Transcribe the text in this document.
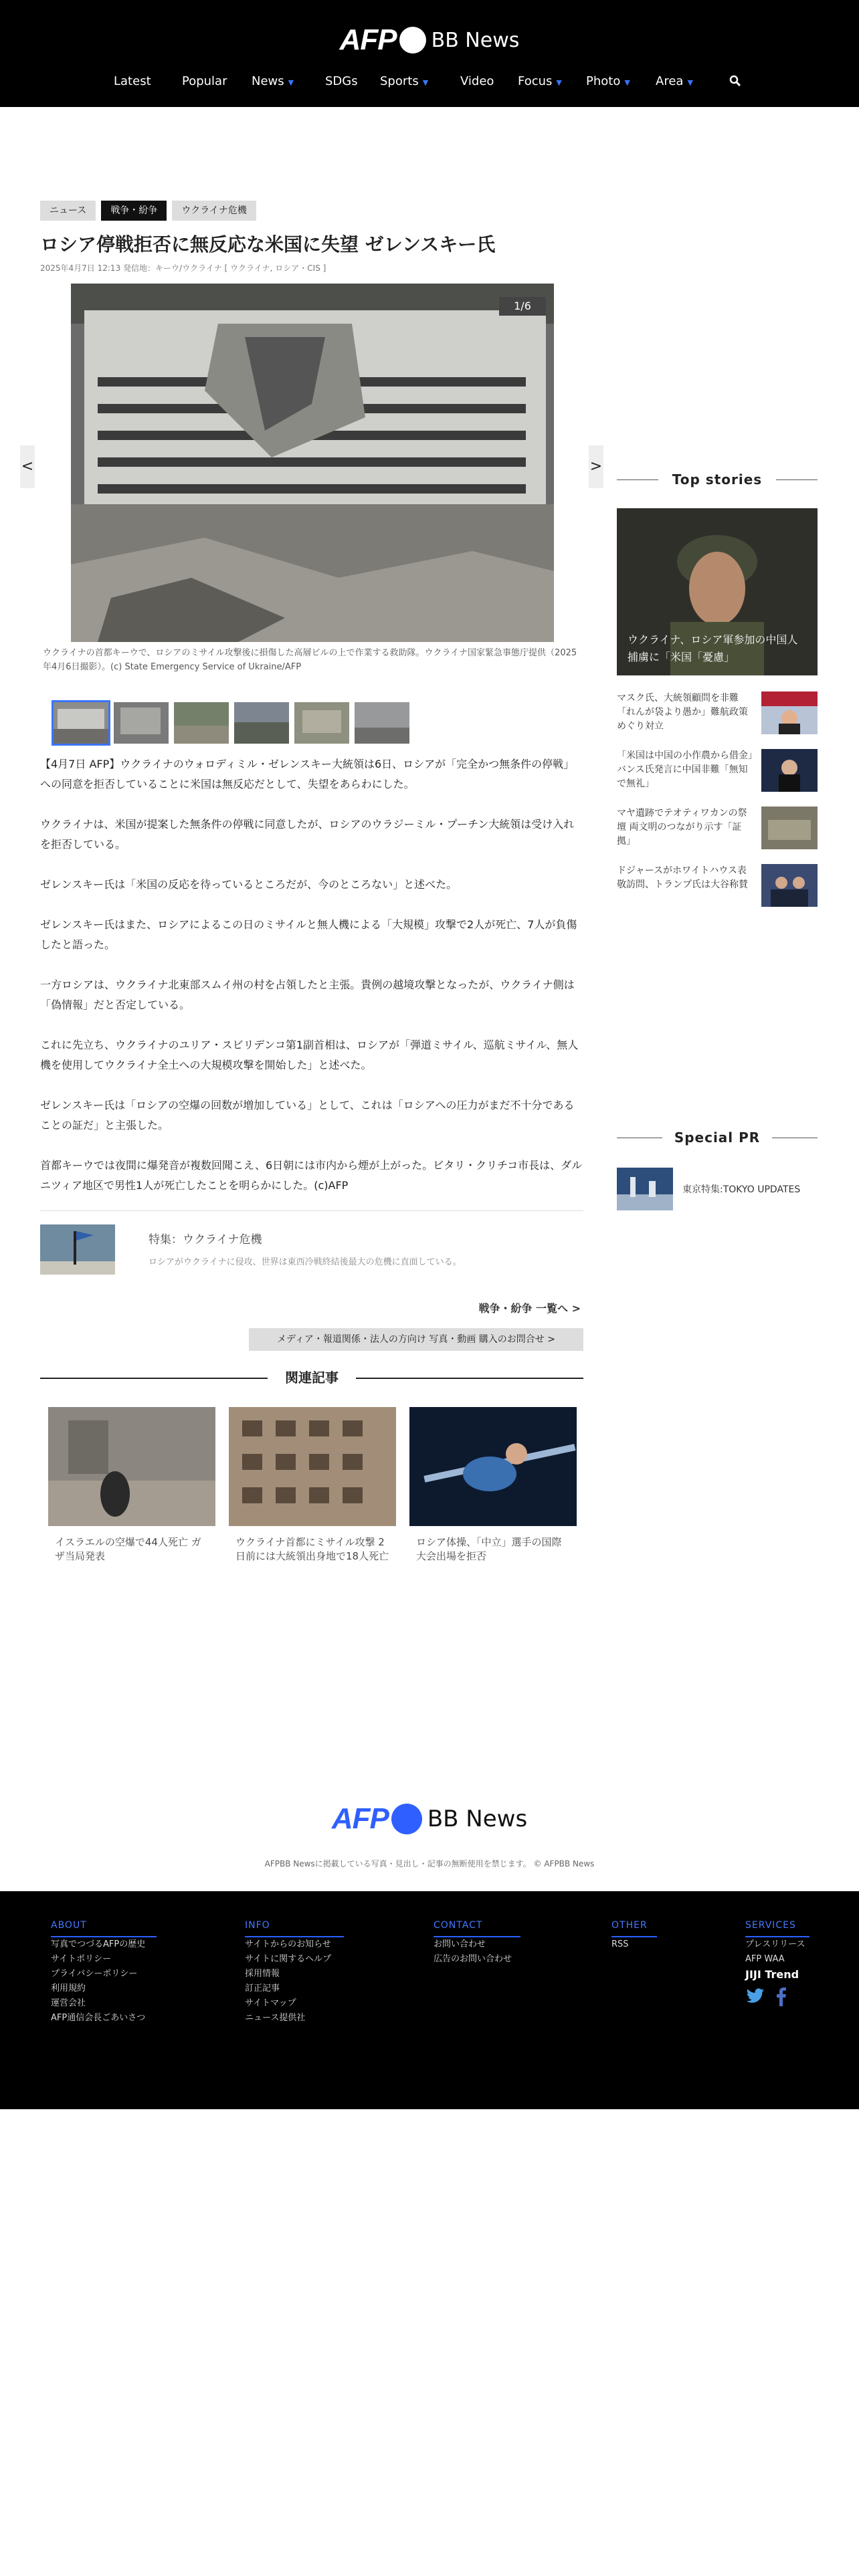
AFP BB News
Latest	Popular News ▼	SDGs Sports ▼	Video Focus ▼ Photo ▼ Area ▼
ニュース	戦争・紛争	ウクライナ危機
ロシア停戦拒否に無反応な米国に失望 ゼレンスキー氏
2025年4月7日 12:13 発信地：キーウ/ウクライナ [ ウクライナ, ロシア・CIS ]
1/6
<	>
ウクライナの首都キーウで、ロシアのミサイル攻撃後に損傷した高層ビルの上で作業する救助隊。ウクライナ国家緊急事態庁提供（2025年4月6日撮影）。(c) State Emergency Service of Ukraine/AFP

【4月7日 AFP】ウクライナのウォロディミル・ゼレンスキー大統領は6日、ロシアが「完全かつ無条件の停戦」への同意を拒否していることに米国は無反応だとして、失望をあらわにした。

ウクライナは、米国が提案した無条件の停戦に同意したが、ロシアのウラジーミル・プーチン大統領は受け入れを拒否している。

ゼレンスキー氏は「米国の反応を待っているところだが、今のところない」と述べた。

ゼレンスキー氏はまた、ロシアによるこの日のミサイルと無人機による「大規模」攻撃で2人が死亡、7人が負傷したと語った。

一方ロシアは、ウクライナ北東部スムイ州の村を占領したと主張。貴例の越境攻撃となったが、ウクライナ側は「偽情報」だと否定している。

これに先立ち、ウクライナのユリア・スビリデンコ第1副首相は、ロシアが「弾道ミサイル、巡航ミサイル、無人機を使用してウクライナ全土への大規模攻撃を開始した」と述べた。

ゼレンスキー氏は「ロシアの空爆の回数が増加している」として、これは「ロシアへの圧力がまだ不十分であることの証だ」と主張した。

首都キーウでは夜間に爆発音が複数回聞こえ、6日朝には市内から煙が上がった。ビタリ・クリチコ市長は、ダルニツィア地区で男性1人が死亡したことを明らかにした。(c)AFP

特集：ウクライナ危機
ロシアがウクライナに侵攻、世界は東西冷戦終結後最大の危機に直面している。
戦争・紛争 一覧へ >
メディア・報道関係・法人の方向け 写真・動画 購入のお問合せ >
関連記事
イスラエルの空爆で44人死亡 ガザ当局発表
ウクライナ首都にミサイル攻撃 2日前には大統領出身地で18人死亡
ロシア体操、「中立」選手の国際大会出場を拒否
Top stories
ウクライナ、ロシア軍参加の中国人捕虜に「米国「憂慮」
マスク氏、大統領顧問を非難「れんが袋より愚か」難航政策めぐり対立
「米国は中国の小作農から借金」バンス氏発言に中国非難「無知で無礼」
マヤ遺跡でテオティワカンの祭壇 両文明のつながり示す「証拠」
ドジャースがホワイトハウス表敬訪問、トランプ氏は大谷称賛
Special PR
東京特集:TOKYO UPDATES
AFP BB News
AFPBB Newsに掲載している写真・見出し・記事の無断使用を禁じます。 © AFPBB News
ABOUT
写真でつづるAFPの歴史
サイトポリシー
プライバシーポリシー
利用規約
運営会社
AFP通信会長ごあいさつ
INFO
サイトからのお知らせ
サイトに関するヘルプ
採用情報
訂正記事
サイトマップ
ニュース提供社
CONTACT
お問い合わせ
広告のお問い合わせ
OTHER
RSS
SERVICES
プレスリリース
AFP WAA
JIJI Trend
